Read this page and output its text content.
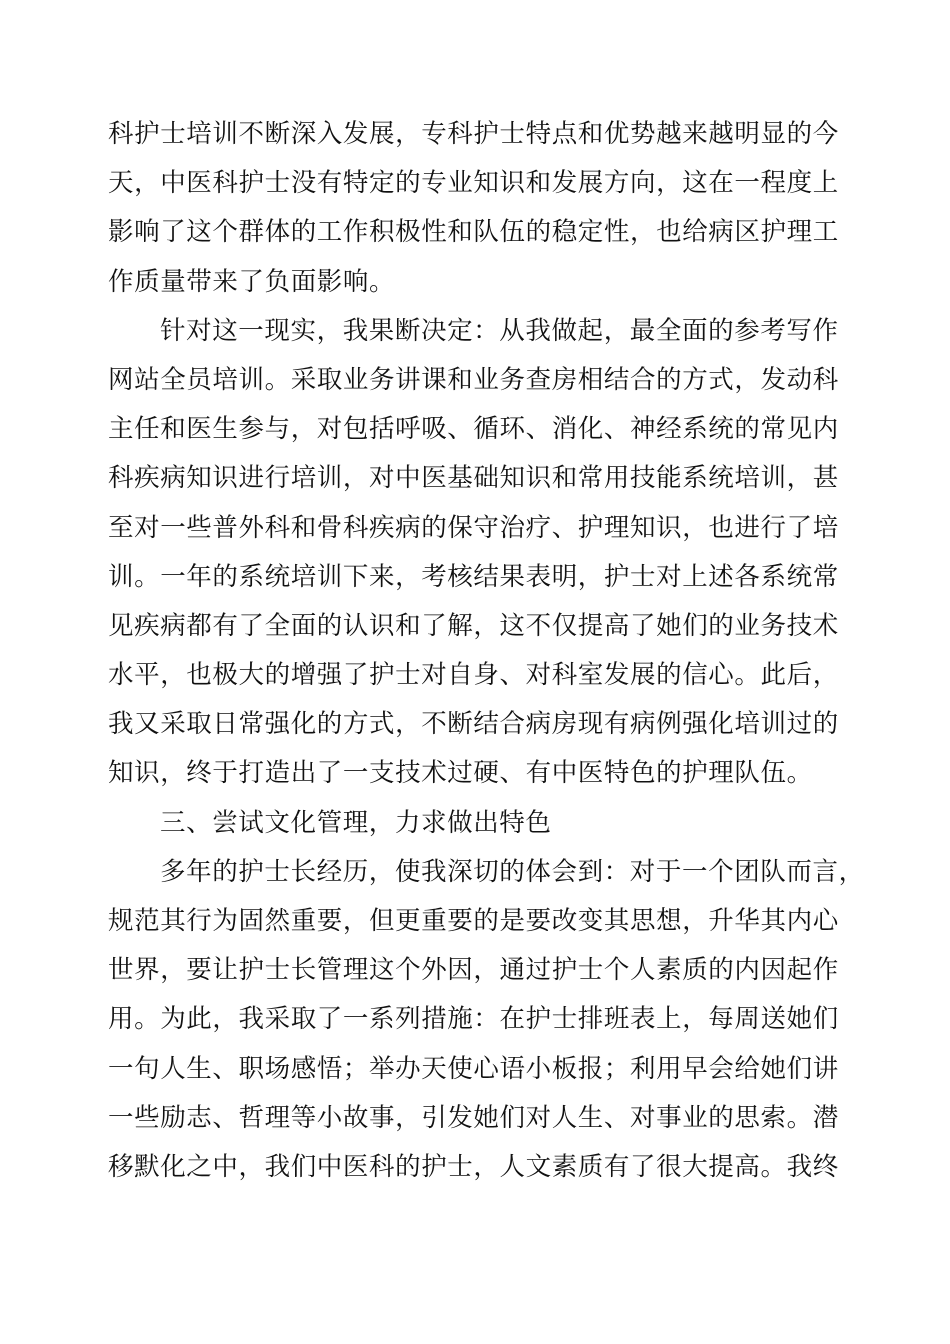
科护士培训不断深入发展，专科护士特点和优势越来越明显的今
天，中医科护士没有特定的专业知识和发展方向，这在一程度上
影响了这个群体的工作积极性和队伍的稳定性，也给病区护理工
作质量带来了负面影响。
针对这一现实，我果断决定：从我做起，最全面的参考写作
网站全员培训。采取业务讲课和业务查房相结合的方式，发动科
主任和医生参与，对包括呼吸、循环、消化、神经系统的常见内
科疾病知识进行培训，对中医基础知识和常用技能系统培训，甚
至对一些普外科和骨科疾病的保守治疗、护理知识，也进行了培
训。一年的系统培训下来，考核结果表明，护士对上述各系统常
见疾病都有了全面的认识和了解，这不仅提高了她们的业务技术
水平，也极大的增强了护士对自身、对科室发展的信心。此后，
我又采取日常强化的方式，不断结合病房现有病例强化培训过的
知识，终于打造出了一支技术过硬、有中医特色的护理队伍。
三、尝试文化管理，力求做出特色
多年的护士长经历，使我深切的体会到：对于一个团队而言，
规范其行为固然重要，但更重要的是要改变其思想，升华其内心
世界，要让护士长管理这个外因，通过护士个人素质的内因起作
用。为此，我采取了一系列措施：在护士排班表上，每周送她们
一句人生、职场感悟；举办天使心语小板报；利用早会给她们讲
一些励志、哲理等小故事，引发她们对人生、对事业的思索。潜
移默化之中，我们中医科的护士，人文素质有了很大提高。我终
